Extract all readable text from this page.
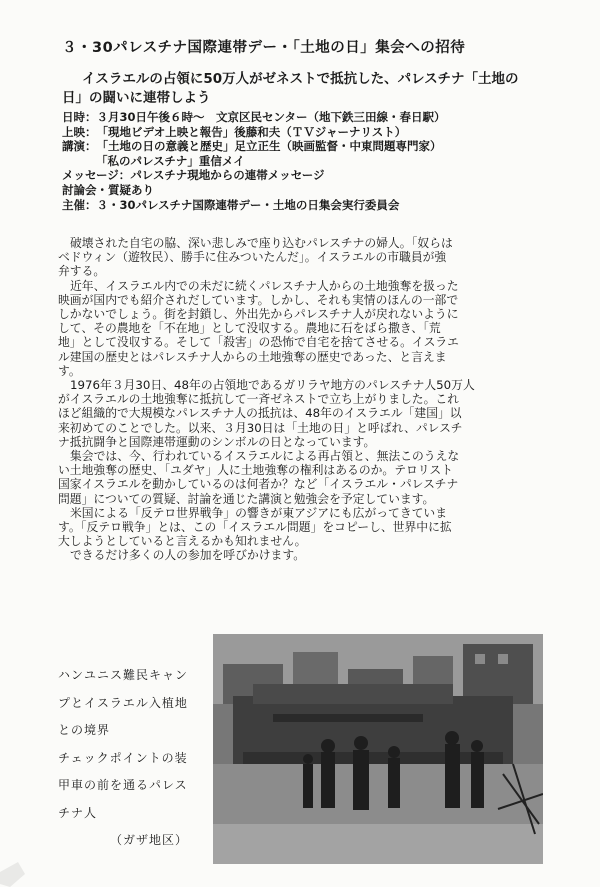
３・30パレスチナ国際連帯デー・「土地の日」集会への招待
イスラエルの占領に50万人がゼネストで抵抗した、パレスチナ「土地の
日」の闘いに連帯しよう
日時： ３月30日午後６時～　文京区民センター（地下鉄三田線・春日駅）
上映： 「現地ビデオ上映と報告」後藤和夫（ＴＶジャーナリスト）
講演： 「土地の日の意義と歴史」足立正生（映画監督・中東問題専門家）
「私のパレスチナ」重信メイ
メッセージ： パレスチナ現地からの連帯メッセージ
討論会・質疑あり
主催： ３・30パレスチナ国際連帯デー・土地の日集会実行委員会
破壊された自宅の脇、深い悲しみで座り込むパレスチナの婦人。「奴らは
ベドウィン（遊牧民）、勝手に住みついたんだ」。イスラエルの市職員が強
弁する。
近年、イスラエル内での未だに続くパレスチナ人からの土地強奪を扱った
映画が国内でも紹介されだしています。しかし、それも実情のほんの一部で
しかないでしょう。街を封鎖し、外出先からパレスチナ人が戻れないように
して、その農地を「不在地」として没収する。農地に石をばら撒き、「荒
地」として没収する。そして「殺害」の恐怖で自宅を捨てさせる。イスラエ
ル建国の歴史とはパレスチナ人からの土地強奪の歴史であった、と言えま
す。
1976年３月30日、48年の占領地であるガリラヤ地方のパレスチナ人50万人
がイスラエルの土地強奪に抵抗して一斉ゼネストで立ち上がりました。これ
ほど組織的で大規模なパレスチナ人の抵抗は、48年のイスラエル「建国」以
来初めてのことでした。以来、３月30日は「土地の日」と呼ばれ、パレスチ
ナ抵抗闘争と国際連帯運動のシンボルの日となっています。
集会では、今、行われているイスラエルによる再占領と、無法このうえな
い土地強奪の歴史、「ユダヤ」人に土地強奪の権利はあるのか。テロリスト
国家イスラエルを動かしているのは何者か？など「イスラエル・パレスチナ
問題」についての質疑、討論を通じた講演と勉強会を予定しています。
米国による「反テロ世界戦争」の響きが東アジアにも広がってきていま
す。「反テロ戦争」とは、この「イスラエル問題」をコピーし、世界中に拡
大しようとしていると言えるかも知れません。
できるだけ多くの人の参加を呼びかけます。
ハンユニス難民キャン
プとイスラエル入植地
との境界
チェックポイントの装
甲車の前を通るパレス
チナ人
（ガザ地区）
